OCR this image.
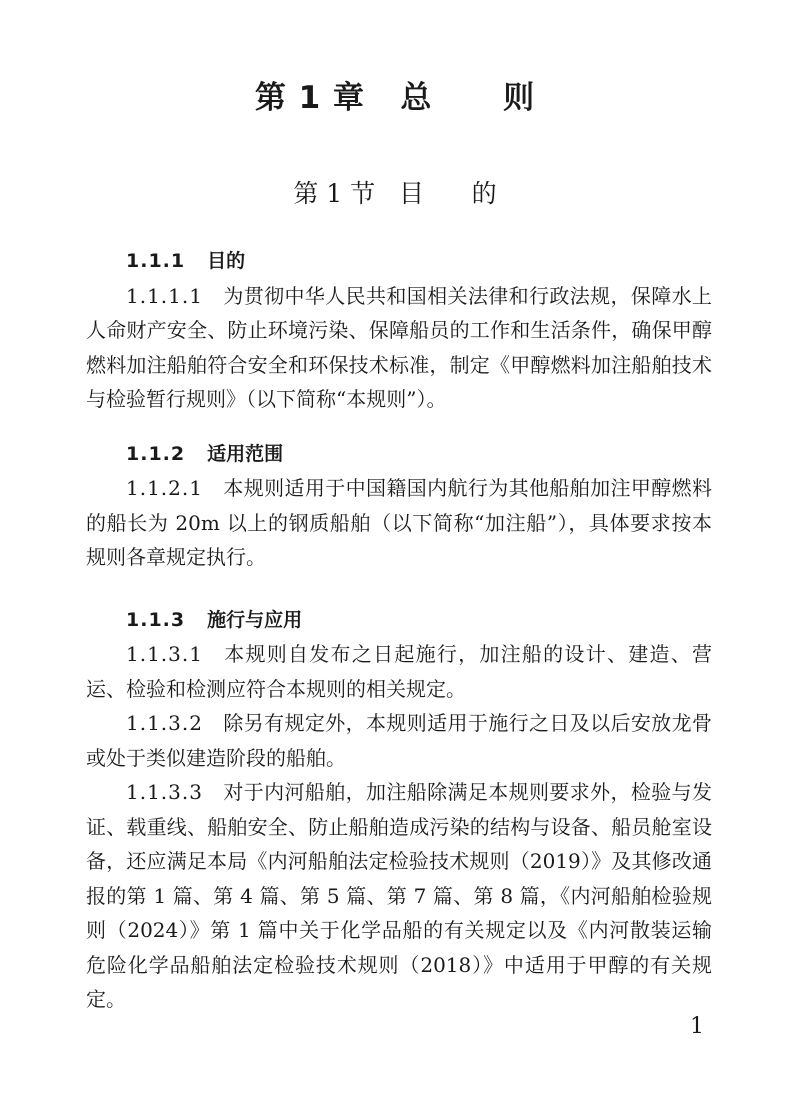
第 1 章   总      则
第 1 节   目      的

1.1.1 目的

1.1.1.1 为贯彻中华人民共和国相关法律和行政法规，保障水上人命财产安全、防止环境污染、保障船员的工作和生活条件，确保甲醇燃料加注船舶符合安全和环保技术标准，制定《甲醇燃料加注船舶技术与检验暂行规则》（以下简称“本规则”）。

1.1.2 适用范围

1.1.2.1 本规则适用于中国籍国内航行为其他船舶加注甲醇燃料的船长为 20m 以上的钢质船舶（以下简称“加注船”），具体要求按本规则各章规定执行。

1.1.3 施行与应用

1.1.3.1 本规则自发布之日起施行，加注船的设计、建造、营运、检验和检测应符合本规则的相关规定。

1.1.3.2 除另有规定外，本规则适用于施行之日及以后安放龙骨或处于类似建造阶段的船舶。

1.1.3.3 对于内河船舶，加注船除满足本规则要求外，检验与发证、载重线、船舶安全、防止船舶造成污染的结构与设备、船员舱室设备，还应满足本局《内河船舶法定检验技术规则（2019）》及其修改通报的第 1 篇、第 4 篇、第 5 篇、第 7 篇、第 8 篇，《内河船舶检验规则（2024）》第 1 篇中关于化学品船的有关规定以及《内河散装运输危险化学品船舶法定检验技术规则（2018）》中适用于甲醇的有关规定。

1
